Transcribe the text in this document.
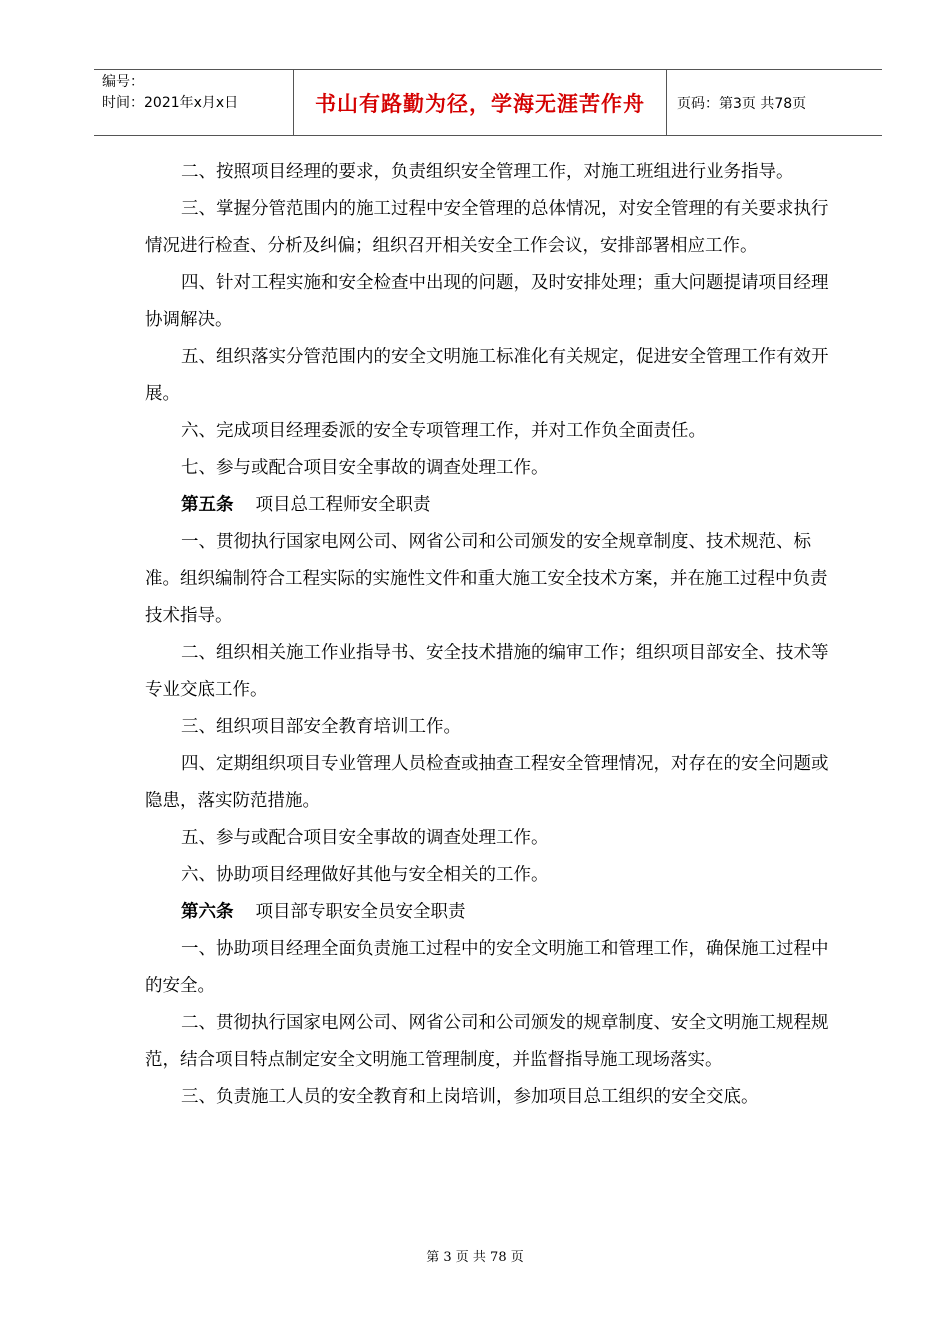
编号：
时间：2021年x月x日	书山有路勤为径，学海无涯苦作舟	页码：第3页 共78页

二、按照项目经理的要求，负责组织安全管理工作，对施工班组进行业务指导。

三、掌握分管范围内的施工过程中安全管理的总体情况，对安全管理的有关要求执行情况进行检查、分析及纠偏；组织召开相关安全工作会议，安排部署相应工作。

四、针对工程实施和安全检查中出现的问题，及时安排处理；重大问题提请项目经理协调解决。

五、组织落实分管范围内的安全文明施工标准化有关规定，促进安全管理工作有效开展。

六、完成项目经理委派的安全专项管理工作，并对工作负全面责任。

七、参与或配合项目安全事故的调查处理工作。

第五条 项目总工程师安全职责

一、贯彻执行国家电网公司、网省公司和公司颁发的安全规章制度、技术规范、标准。组织编制符合工程实际的实施性文件和重大施工安全技术方案，并在施工过程中负责技术指导。

二、组织相关施工作业指导书、安全技术措施的编审工作；组织项目部安全、技术等专业交底工作。

三、组织项目部安全教育培训工作。

四、定期组织项目专业管理人员检查或抽查工程安全管理情况，对存在的安全问题或隐患，落实防范措施。

五、参与或配合项目安全事故的调查处理工作。

六、协助项目经理做好其他与安全相关的工作。

第六条 项目部专职安全员安全职责

一、协助项目经理全面负责施工过程中的安全文明施工和管理工作，确保施工过程中的安全。

二、贯彻执行国家电网公司、网省公司和公司颁发的规章制度、安全文明施工规程规范，结合项目特点制定安全文明施工管理制度，并监督指导施工现场落实。

三、负责施工人员的安全教育和上岗培训，参加项目总工组织的安全交底。

第 3 页 共 78 页
